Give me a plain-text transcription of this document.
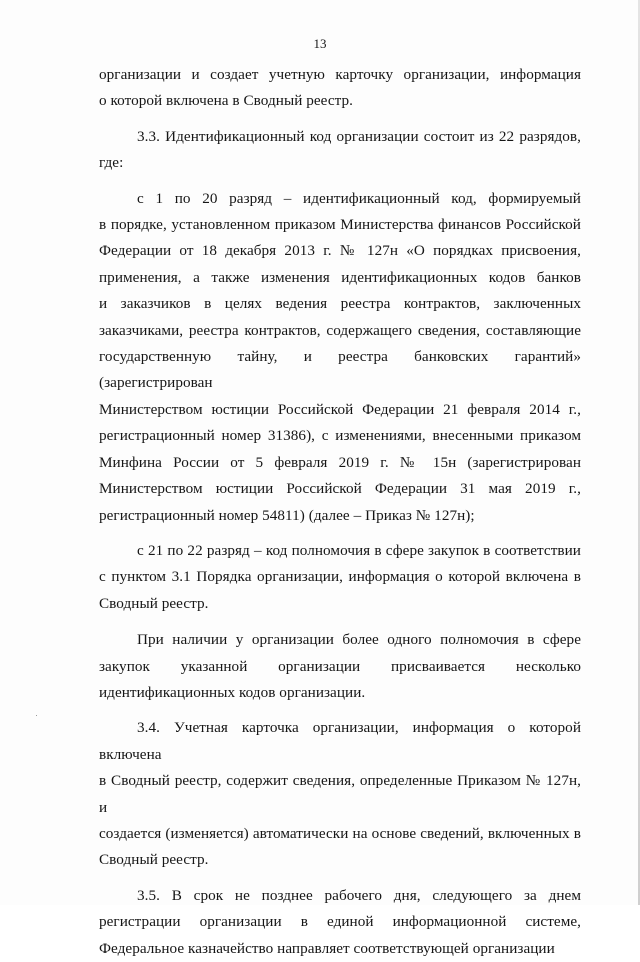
13

организации и создает учетную карточку организации, информация
о которой включена в Сводный реестр.

3.3. Идентификационный код организации состоит из 22 разрядов,
где:

с 1 по 20 разряд – идентификационный код, формируемый
в порядке, установленном приказом Министерства финансов Российской
Федерации от 18 декабря 2013 г. № 127н «О порядках присвоения,
применения, а также изменения идентификационных кодов банков
и заказчиков в целях ведения реестра контрактов, заключенных
заказчиками, реестра контрактов, содержащего сведения, составляющие
государственную тайну, и реестра банковских гарантий» (зарегистрирован
Министерством юстиции Российской Федерации 21 февраля 2014 г.,
регистрационный номер 31386), с изменениями, внесенными приказом
Минфина России от 5 февраля 2019 г. № 15н (зарегистрирован
Министерством юстиции Российской Федерации 31 мая 2019 г.,
регистрационный номер 54811) (далее – Приказ № 127н);

с 21 по 22 разряд – код полномочия в сфере закупок в соответствии
с пунктом 3.1 Порядка организации, информация о которой включена в
Сводный реестр.

При наличии у организации более одного полномочия в сфере
закупок указанной организации присваивается несколько
идентификационных кодов организации.

3.4. Учетная карточка организации, информация о которой включена
в Сводный реестр, содержит сведения, определенные Приказом № 127н, и
создается (изменяется) автоматически на основе сведений, включенных в
Сводный реестр.

3.5. В срок не позднее рабочего дня, следующего за днем
регистрации организации в единой информационной системе,
Федеральное казначейство направляет соответствующей организации
